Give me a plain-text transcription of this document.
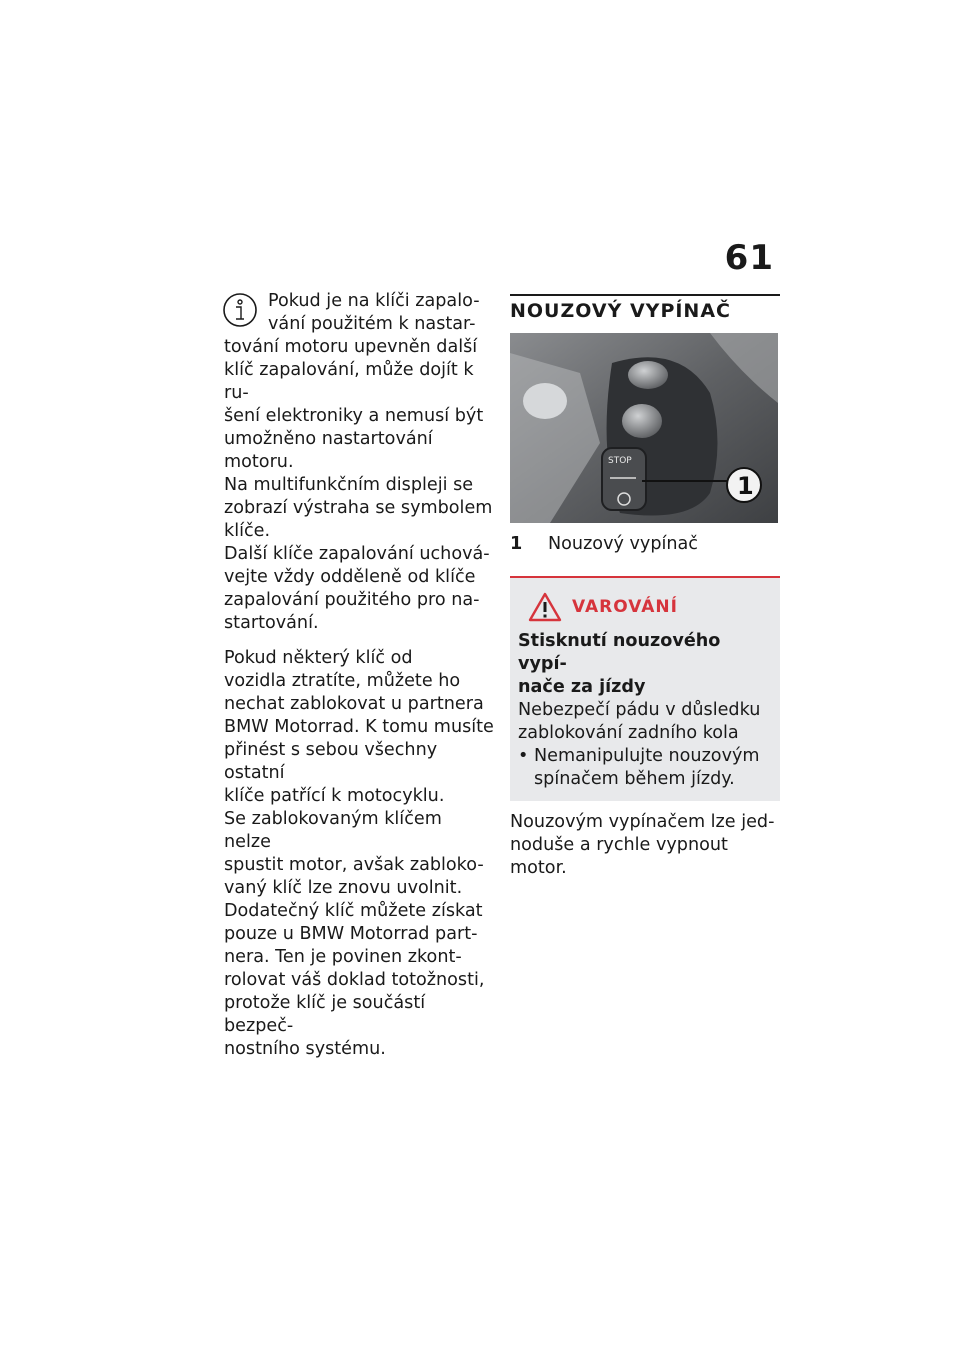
61

Pokud je na klíči zapalo-

vání použitém k nastar-

tování motoru upevněn další

klíč zapalování, může dojít k ru-

šení elektroniky a nemusí být

umožněno nastartování motoru.

Na multifunkčním displeji se

zobrazí výstraha se symbolem

klíče.

Další klíče zapalování uchová-

vejte vždy odděleně od klíče

zapalování použitého pro na-

startování.

Pokud některý klíč od

vozidla ztratíte, můžete ho

nechat zablokovat u partnera

BMW Motorrad. K tomu musíte

přinést s sebou všechny ostatní

klíče patřící k motocyklu.

Se zablokovaným klíčem nelze

spustit motor, avšak zabloko-

vaný klíč lze znovu uvolnit.

Dodatečný klíč můžete získat

pouze u BMW Motorrad part-

nera. Ten je povinen zkont-

rolovat váš doklad totožnosti,

protože klíč je součástí bezpeč-

nostního systému.

NOUZOVÝ VYPÍNAČ
STOP
1
1	Nouzový vypínač
VAROVÁNÍ
Stisknutí nouzového vypí-
nače za jízdy
Nebezpečí pádu v důsledku
zablokování zadního kola
• Nemanipulujte nouzovým
spínačem během jízdy.
Nouzovým vypínačem lze jed-
noduše a rychle vypnout motor.
